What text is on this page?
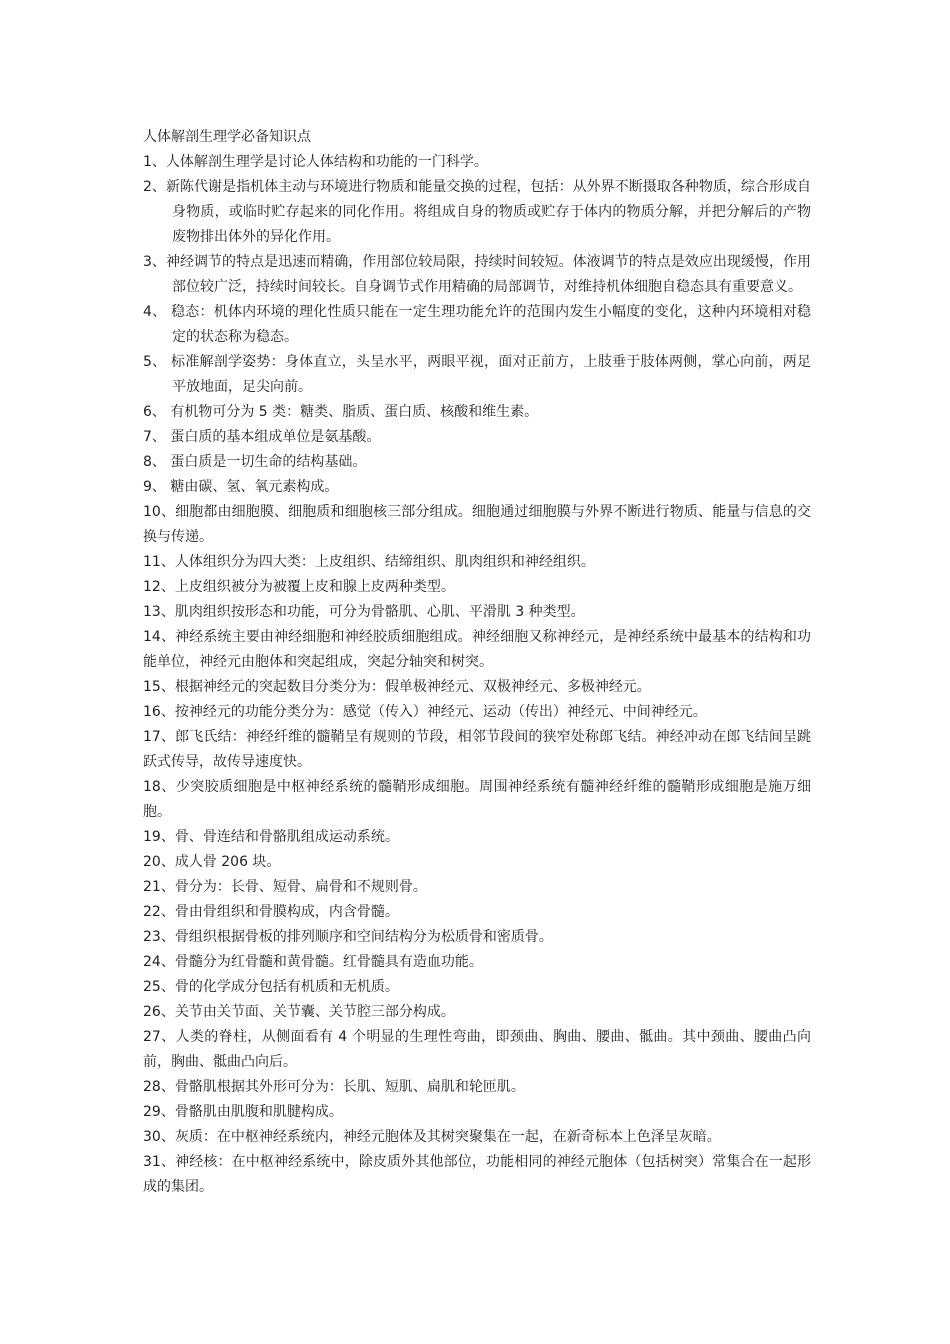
人体解剖生理学必备知识点

1、人体解剖生理学是讨论人体结构和功能的一门科学。

2、新陈代谢是指机体主动与环境进行物质和能量交换的过程，包括：从外界不断摄取各种物质，综合形成自身物质，或临时贮存起来的同化作用。将组成自身的物质或贮存于体内的物质分解，并把分解后的产物废物排出体外的异化作用。

3、神经调节的特点是迅速而精确，作用部位较局限，持续时间较短。体液调节的特点是效应出现缓慢，作用部位较广泛，持续时间较长。自身调节式作用精确的局部调节，对维持机体细胞自稳态具有重要意义。

4、 稳态：机体内环境的理化性质只能在一定生理功能允许的范围内发生小幅度的变化，这种内环境相对稳定的状态称为稳态。

5、 标准解剖学姿势：身体直立，头呈水平，两眼平视，面对正前方，上肢垂于肢体两侧，掌心向前，两足平放地面，足尖向前。

6、 有机物可分为 5 类：糖类、脂质、蛋白质、核酸和维生素。

7、 蛋白质的基本组成单位是氨基酸。

8、 蛋白质是一切生命的结构基础。

9、 糖由碳、氢、氧元素构成。

10、细胞都由细胞膜、细胞质和细胞核三部分组成。细胞通过细胞膜与外界不断进行物质、能量与信息的交换与传递。

11、人体组织分为四大类：上皮组织、结缔组织、肌肉组织和神经组织。

12、上皮组织被分为被覆上皮和腺上皮两种类型。

13、肌肉组织按形态和功能，可分为骨骼肌、心肌、平滑肌 3 种类型。

14、神经系统主要由神经细胞和神经胶质细胞组成。神经细胞又称神经元，是神经系统中最基本的结构和功能单位，神经元由胞体和突起组成，突起分轴突和树突。

15、根据神经元的突起数目分类分为：假单极神经元、双极神经元、多极神经元。

16、按神经元的功能分类分为：感觉（传入）神经元、运动（传出）神经元、中间神经元。

17、郎飞氏结：神经纤维的髓鞘呈有规则的节段，相邻节段间的狭窄处称郎飞结。神经冲动在郎飞结间呈跳跃式传导，故传导速度快。

18、少突胶质细胞是中枢神经系统的髓鞘形成细胞。周围神经系统有髓神经纤维的髓鞘形成细胞是施万细胞。

19、骨、骨连结和骨骼肌组成运动系统。

20、成人骨 206 块。

21、骨分为：长骨、短骨、扁骨和不规则骨。

22、骨由骨组织和骨膜构成，内含骨髓。

23、骨组织根据骨板的排列顺序和空间结构分为松质骨和密质骨。

24、骨髓分为红骨髓和黄骨髓。红骨髓具有造血功能。

25、骨的化学成分包括有机质和无机质。

26、关节由关节面、关节囊、关节腔三部分构成。

27、人类的脊柱，从侧面看有 4 个明显的生理性弯曲，即颈曲、胸曲、腰曲、骶曲。其中颈曲、腰曲凸向前，胸曲、骶曲凸向后。

28、骨骼肌根据其外形可分为：长肌、短肌、扁肌和轮匝肌。

29、骨骼肌由肌腹和肌腱构成。

30、灰质：在中枢神经系统内，神经元胞体及其树突聚集在一起，在新奇标本上色泽呈灰暗。

31、神经核：在中枢神经系统中，除皮质外其他部位，功能相同的神经元胞体（包括树突）常集合在一起形成的集团。
